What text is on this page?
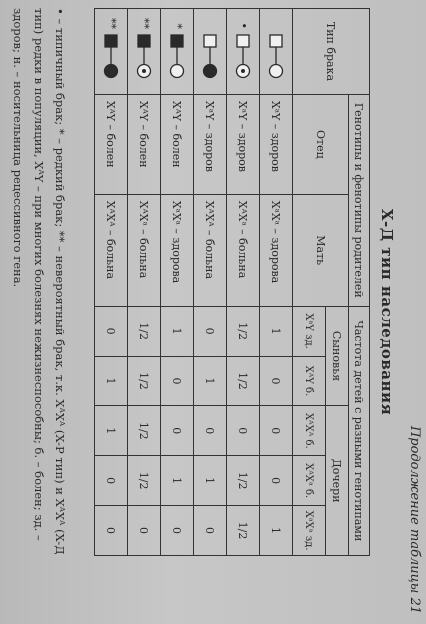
Продолжение таблицы 21
Х-Д тип наследования
Тип брака	Генотипы и фенотипы родителей		Частота детей с разными генотипами				
	Отец	Мать	Сыновья		Дочери		
			XᵃY зд.	XᴬY б.	XᴬXᴬ б.	XᴬXᵃ б.	XᵃXᵃ зд.
	XᵃY – здоров	XᵃXᵃ – здорова	1	0	0	0	1
•	XᵃY – здоров	XᴬXᵃ – больна	1/2	1/2	0	1/2	1/2
	XᵃY – здоров	XᴬXᴬ – больна	0	1	0	1	0
*	XᴬY – болен	XᵃXᵃ – здорова	1	0	0	1	0
**	XᴬY – болен	XᴬXᵃ – больна	1/2	1/2	1/2	1/2	0
**	XᴬY – болен	XᴬXᴬ – больна	0	1	1	0	0
• – типичный брак; * – редкий брак; ** – невероятный брак, т.к. XᴬXᴬ (X-P тип) и XᴬXᴬ (X-Д тип) редки в популяции, XᴬY – при многих болезнях нежизнеспособны; б. – болен; зд. – здоров; н. – носительница рецессивного гена.
